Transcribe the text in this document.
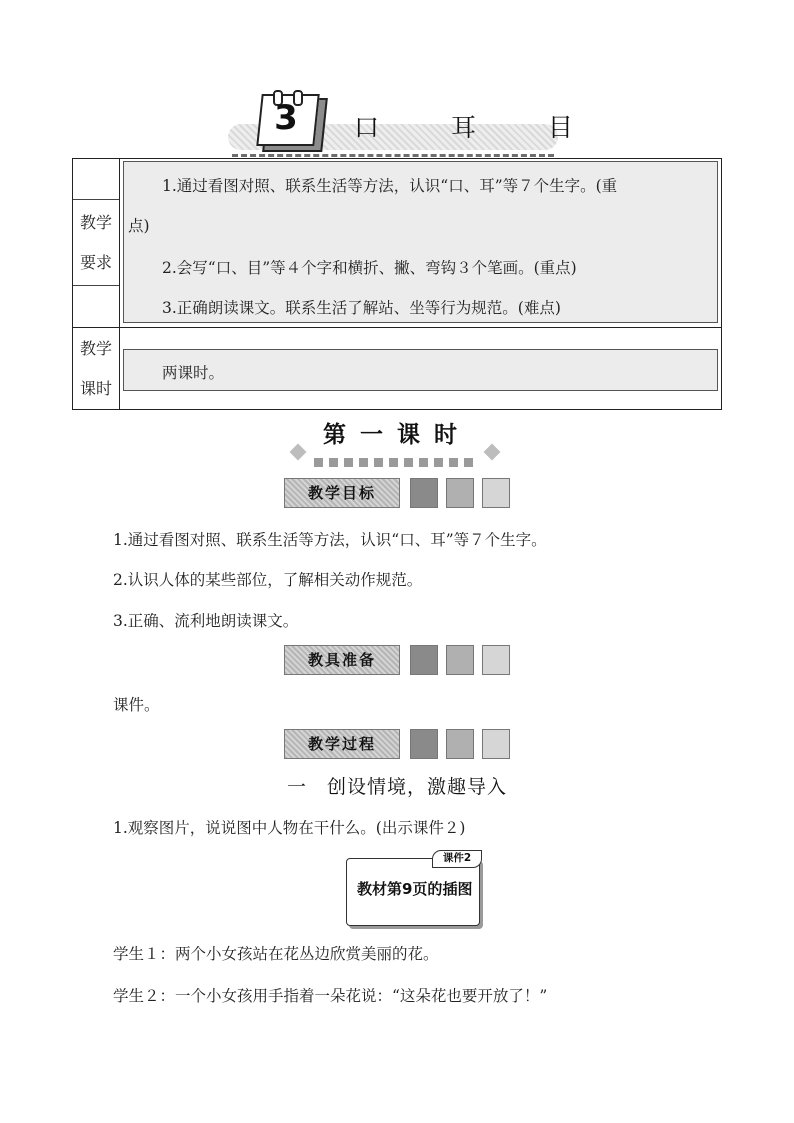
3 口 耳 目
教学
要求
1.通过看图对照、联系生活等方法，认识“口、耳”等７个生字。(重
点)
2.会写“口、目”等４个字和横折、撇、弯钩３个笔画。(重点)
3.正确朗读课文。联系生活了解站、坐等行为规范。(难点)
教学
课时
两课时。
第一课时
教学目标
1.通过看图对照、联系生活等方法，认识“口、耳”等７个生字。
2.认识人体的某些部位，了解相关动作规范。
3.正确、流利地朗读课文。
教具准备
课件。
教学过程
一　创设情境，激趣导入
1.观察图片，说说图中人物在干什么。(出示课件２)
教材第9页的插图
课件2
学生１：两个小女孩站在花丛边欣赏美丽的花。
学生２：一个小女孩用手指着一朵花说：“这朵花也要开放了！”
